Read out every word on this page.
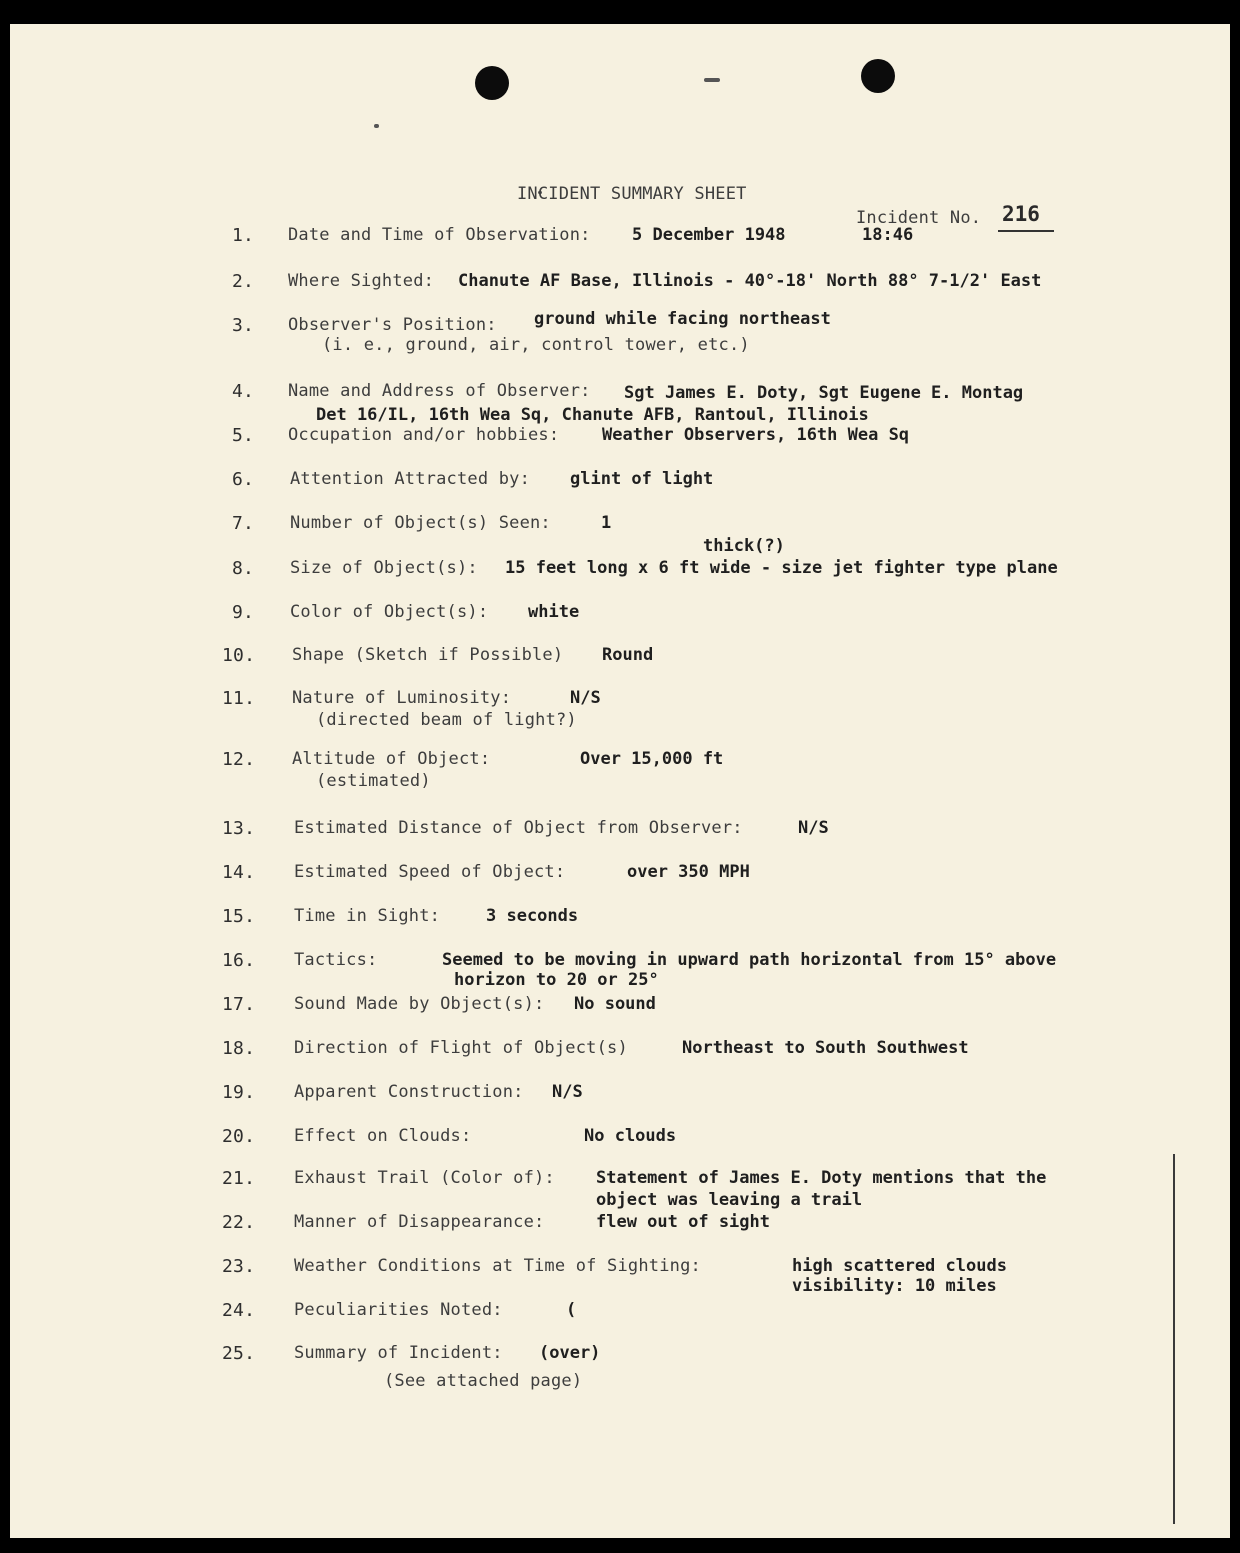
INCIDENT SUMMARY SHEET
Incident No. 216
1. Date and Time of Observation: 5 December 1948	18:46
2. Where Sighted: Chanute AF Base, Illinois - 40°-18' North 88° 7-1/2' East
3. Observer's Position: ground while facing northeast
(i. e., ground, air, control tower, etc.)
4. Name and Address of Observer: Sgt James E. Doty, Sgt Eugene E. Montag
Det 16/IL, 16th Wea Sq, Chanute AFB, Rantoul, Illinois
5. Occupation and/or hobbies:	Weather Observers, 16th Wea Sq
6. Attention Attracted by: glint of light
7. Number of Object(s) Seen:	1
8. Size of Object(s): 15 feet long x 6 ft wide - size jet fighter type plane
thick(?)
9. Color of Object(s): white
10. Shape (Sketch if Possible) Round
11. Nature of Luminosity:	N/S
(directed beam of light?)
12. Altitude of Object:	Over 15,000 ft
(estimated)
13. Estimated Distance of Object from Observer:	N/S
14. Estimated Speed of Object:	over 350 MPH
15. Time in Sight:	3 seconds
16. Tactics:	Seemed to be moving in upward path horizontal from 15° above
horizon to 20 or 25°
17. Sound Made by Object(s): No sound
18. Direction of Flight of Object(s)	Northeast to South Southwest
19. Apparent Construction: N/S
20. Effect on Clouds:	No clouds
21. Exhaust Trail (Color of): Statement of James E. Doty mentions that the
object was leaving a trail
22. Manner of Disappearance:	flew out of sight
23. Weather Conditions at Time of Sighting:	high scattered clouds
visibility: 10 miles
24. Peculiarities Noted:	(
25. Summary of Incident: (over)
(See attached page)
